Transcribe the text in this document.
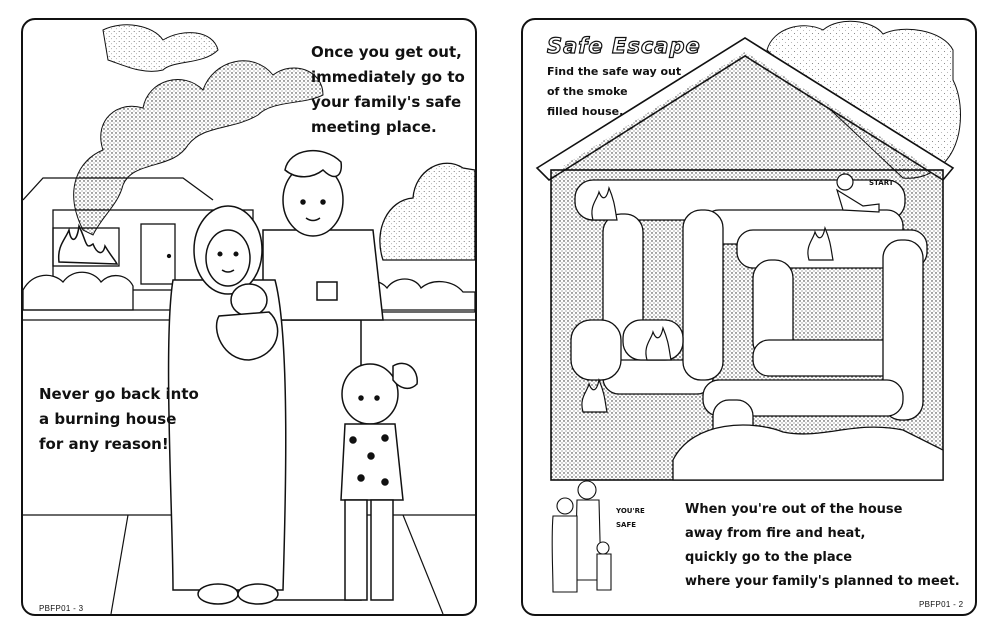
Once you get out,
immediately go to
your family's safe
meeting place.

Never go back into
a burning house
for any reason!

PBFP01 - 3
Safe Escape

Find the safe way out
of the smoke
filled house.

START

YOU'RE
SAFE

When you're out of the house
away from fire and heat,
quickly go to the place
where your family's planned to meet.

PBFP01 - 2
